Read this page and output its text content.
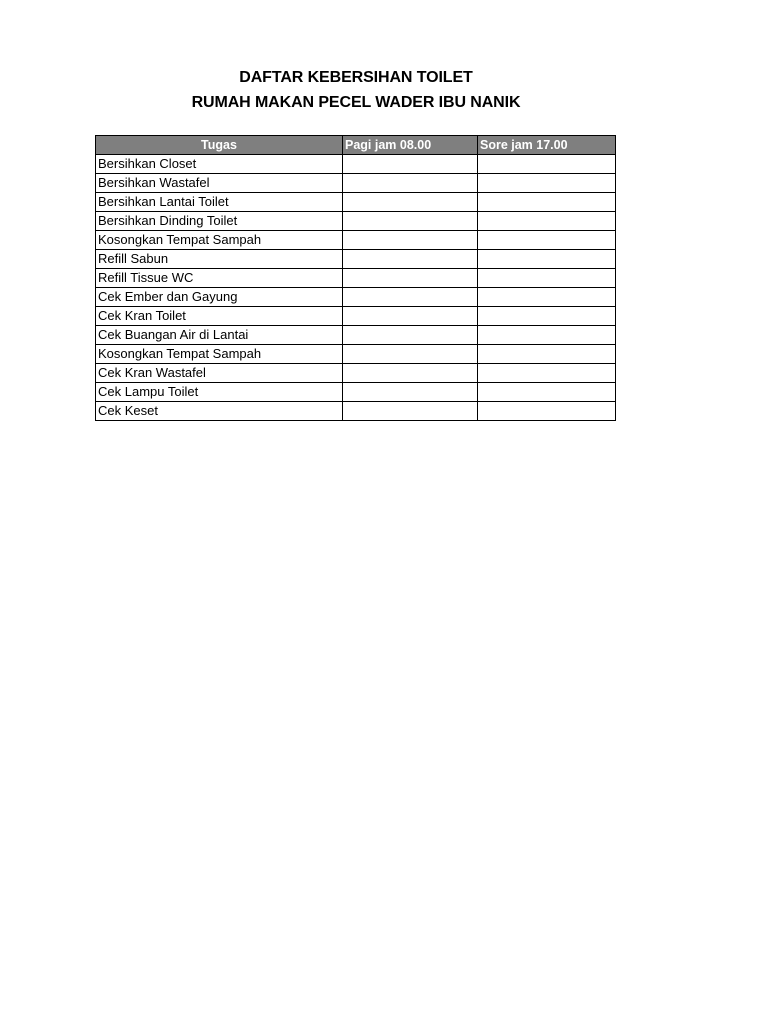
DAFTAR KEBERSIHAN TOILET
RUMAH MAKAN PECEL WADER IBU NANIK
Tugas	Pagi jam 08.00	Sore jam 17.00
Bersihkan Closet		
Bersihkan Wastafel		
Bersihkan Lantai Toilet		
Bersihkan Dinding Toilet		
Kosongkan Tempat Sampah		
Refill Sabun		
Refill Tissue WC		
Cek Ember dan Gayung		
Cek Kran Toilet		
Cek Buangan Air di Lantai		
Kosongkan Tempat Sampah		
Cek Kran Wastafel		
Cek Lampu Toilet		
Cek Keset		
